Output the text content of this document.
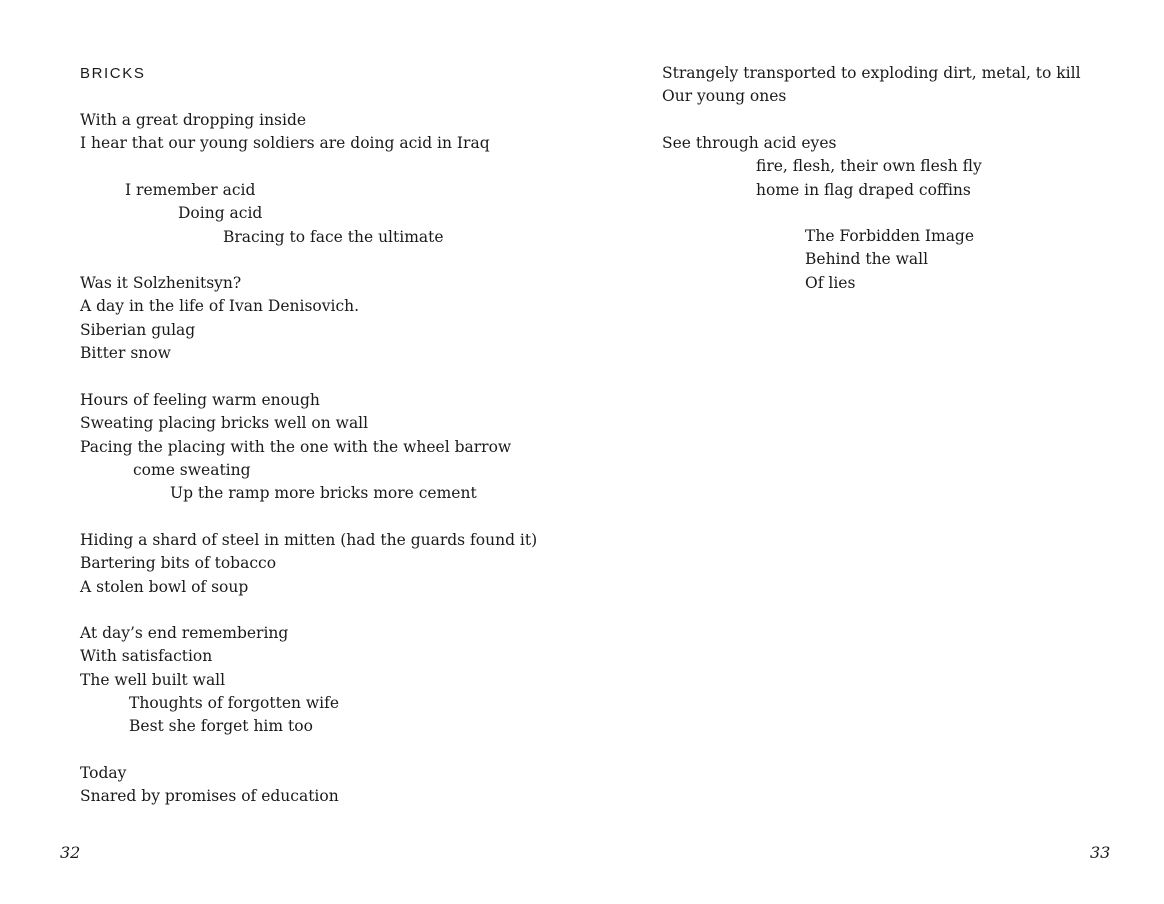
BRICKS
With a great dropping inside
I hear that our young soldiers are doing acid in Iraq
I remember acid
Doing acid
Bracing to face the ultimate
Was it Solzhenitsyn?
A day in the life of Ivan Denisovich.
Siberian gulag
Bitter snow
Hours of feeling warm enough
Sweating placing bricks well on wall
Pacing the placing with the one with the wheel barrow
come sweating
Up the ramp more bricks more cement
Hiding a shard of steel in mitten (had the guards found it)
Bartering bits of tobacco
A stolen bowl of soup
At day’s end remembering
With satisfaction
The well built wall
Thoughts of forgotten wife
Best she forget him too
Today
Snared by promises of education
32
Strangely transported to exploding dirt, metal, to kill
Our young ones
See through acid eyes
fire, flesh, their own flesh fly
home in flag draped coffins
The Forbidden Image
Behind the wall
Of lies
33
